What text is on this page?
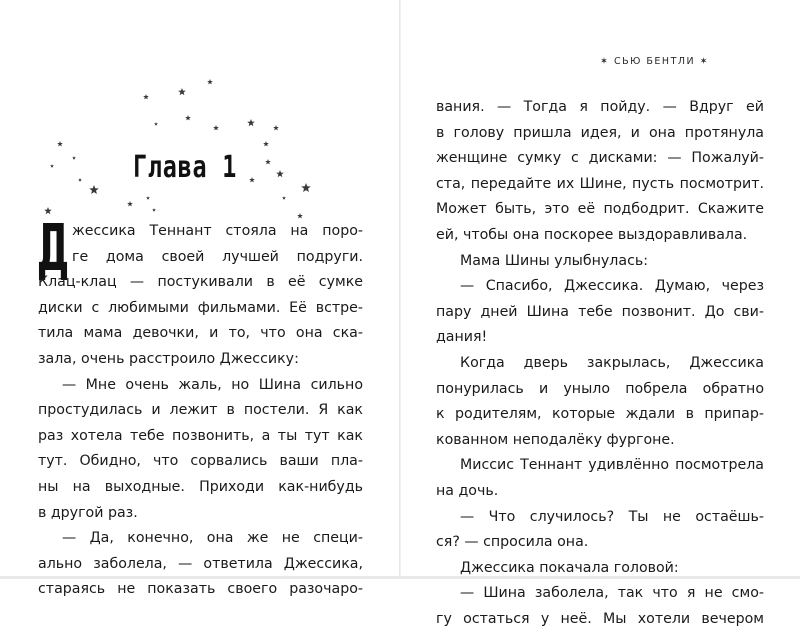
Глава 1
Д жессика Теннант стояла на поро-
ге дома своей лучшей подруги.
Клац-клац — постукивали в её сумке
диски с любимыми фильмами. Её встре-
тила мама девочки, и то, что она ска-
зала, очень расстроило Джессику:
— Мне очень жаль, но Шина сильно
простудилась и лежит в постели. Я как
раз хотела тебе позвонить, а ты тут как
тут. Обидно, что сорвались ваши пла-
ны на выходные. Приходи как-нибудь
в другой раз.
— Да, конечно, она же не специ-
ально заболела, — ответила Джессика,
стараясь не показать своего разочаро-
✶ СЬЮ БЕНТЛИ ✶
вания. — Тогда я пойду. — Вдруг ей
в голову пришла идея, и она протянула
женщине сумку с дисками: — Пожалуй-
ста, передайте их Шине, пусть посмотрит.
Может быть, это её подбодрит. Скажите
ей, чтобы она поскорее выздоравливала.
Мама Шины улыбнулась:
— Спасибо, Джессика. Думаю, через
пару дней Шина тебе позвонит. До сви-
дания!
Когда дверь закрылась, Джессика
понурилась и уныло побрела обратно
к родителям, которые ждали в припар-
кованном неподалёку фургоне.
Миссис Теннант удивлённо посмотрела
на дочь.
— Что случилось? Ты не остаёшь-
ся? — спросила она.
Джессика покачала головой:
— Шина заболела, так что я не смо-
гу остаться у неё. Мы хотели вечером
